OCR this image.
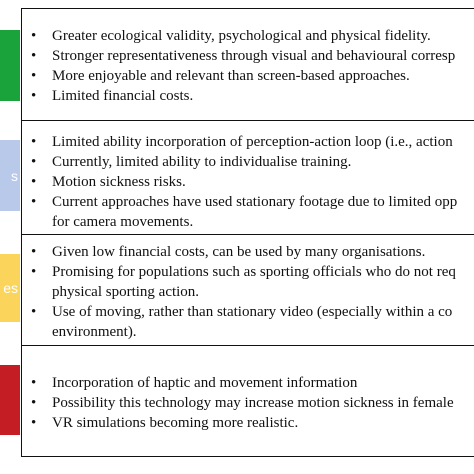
• Greater ecological validity, psychological and physical fidelity.
• Stronger representativeness through visual and behavioural corresp
• More enjoyable and relevant than screen-based approaches.
• Limited financial costs.
s
• Limited ability incorporation of perception-action loop (i.e., action
• Currently, limited ability to individualise training.
• Motion sickness risks.
• Current approaches have used stationary footage due to limited opp
for camera movements.
es
• Given low financial costs, can be used by many organisations.
• Promising for populations such as sporting officials who do not req
physical sporting action.
• Use of moving, rather than stationary video (especially within a co
environment).
• Incorporation of haptic and movement information
• Possibility this technology may increase motion sickness in female
• VR simulations becoming more realistic.
